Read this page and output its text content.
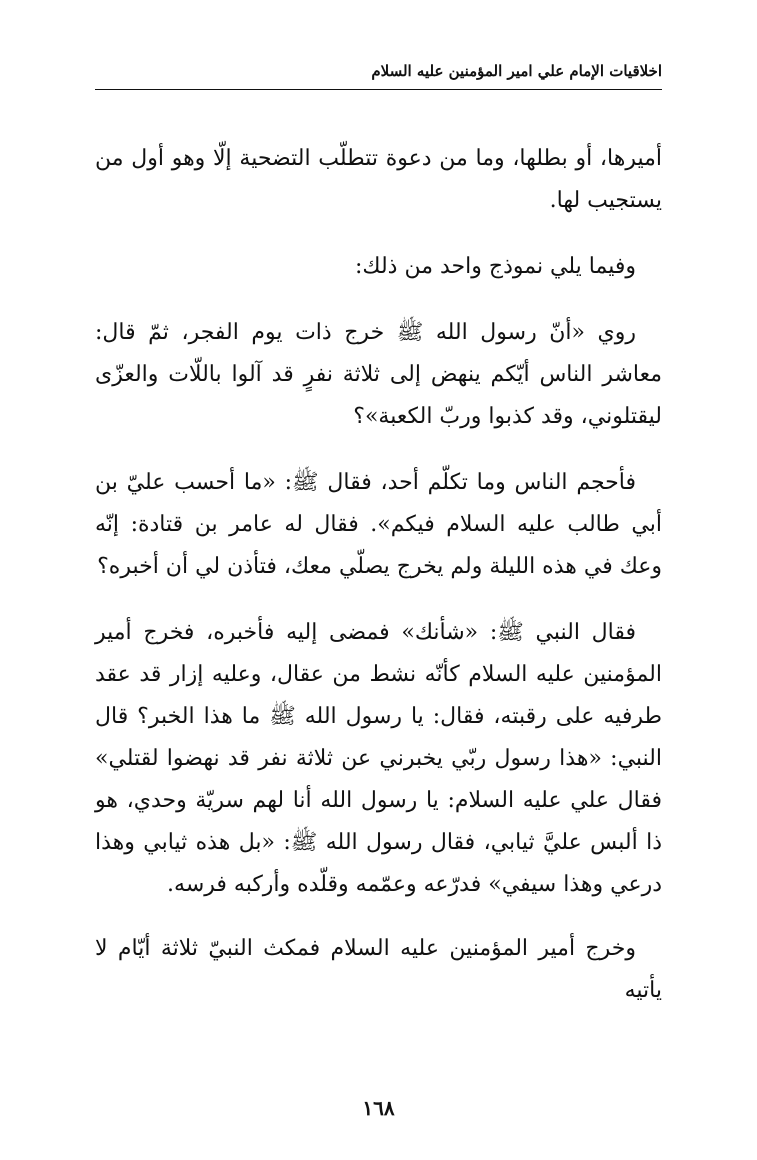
اخلاقيات الإمام علي امير المؤمنين عليه السلام

أميرها، أو بطلها، وما من دعوة تتطلّب التضحية إلّا وهو أول من يستجيب لها.

وفيما يلي نموذج واحد من ذلك:

روي «أنّ رسول الله ﷺ خرج ذات يوم الفجر، ثمّ قال: معاشر الناس أيّكم ينهض إلى ثلاثة نفرٍ قد آلوا باللّات والعزّى ليقتلوني، وقد كذبوا وربّ الكعبة»؟

فأحجم الناس وما تكلّم أحد، فقال ﷺ: «ما أحسب عليّ بن أبي طالب عليه السلام فيكم». فقال له عامر بن قتادة: إنّه وعك في هذه الليلة ولم يخرج يصلّي معك، فتأذن لي أن أخبره؟

فقال النبي ﷺ: «شأنك» فمضى إليه فأخبره، فخرج أمير المؤمنين عليه السلام كأنّه نشط من عقال، وعليه إزار قد عقد طرفيه على رقبته، فقال: يا رسول الله ﷺ ما هذا الخبر؟ قال النبي: «هذا رسول ربّي يخبرني عن ثلاثة نفر قد نهضوا لقتلي» فقال علي عليه السلام: يا رسول الله أنا لهم سريّة وحدي، هو ذا ألبس عليَّ ثيابي، فقال رسول الله ﷺ: «بل هذه ثيابي وهذا درعي وهذا سيفي» فدرّعه وعمّمه وقلّده وأركبه فرسه.

وخرج أمير المؤمنين عليه السلام فمكث النبيّ ثلاثة أيّام لا يأتيه

١٦٨
